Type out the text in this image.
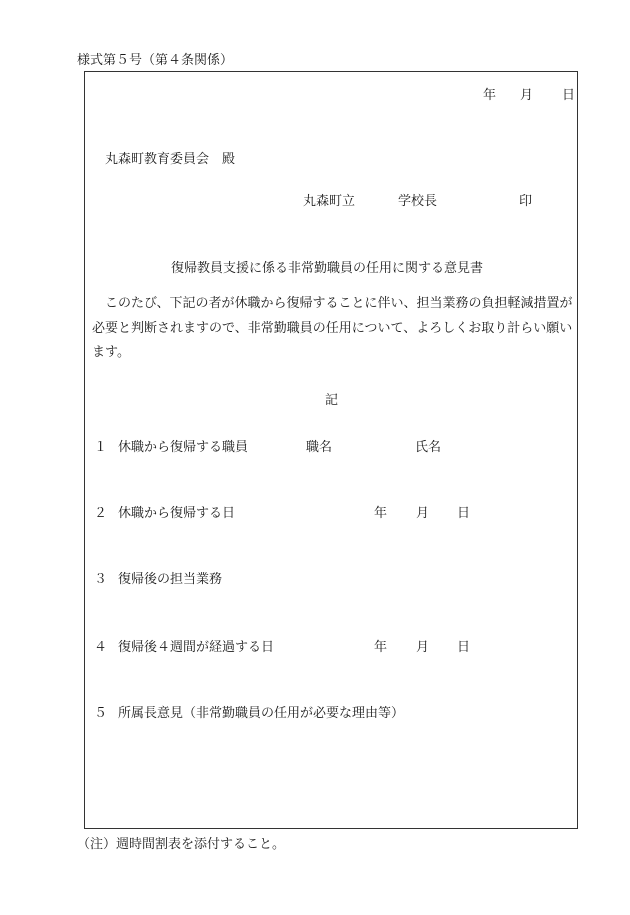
様式第５号（第４条関係）
年 月 日
丸森町教育委員会　殿
丸森町立	学校長	印
復帰教員支援に係る非常勤職員の任用に関する意見書
このたび、下記の者が休職から復帰することに伴い、担当業務の負担軽減措置が必要と判断されますので、非常勤職員の任用について、よろしくお取り計らい願います。
記
１ 休職から復帰する職員	職名	氏名
２ 休職から復帰する日	年 月 日
３ 復帰後の担当業務
４ 復帰後４週間が経過する日	年 月 日
５ 所属長意見（非常勤職員の任用が必要な理由等）
（注）週時間割表を添付すること。
